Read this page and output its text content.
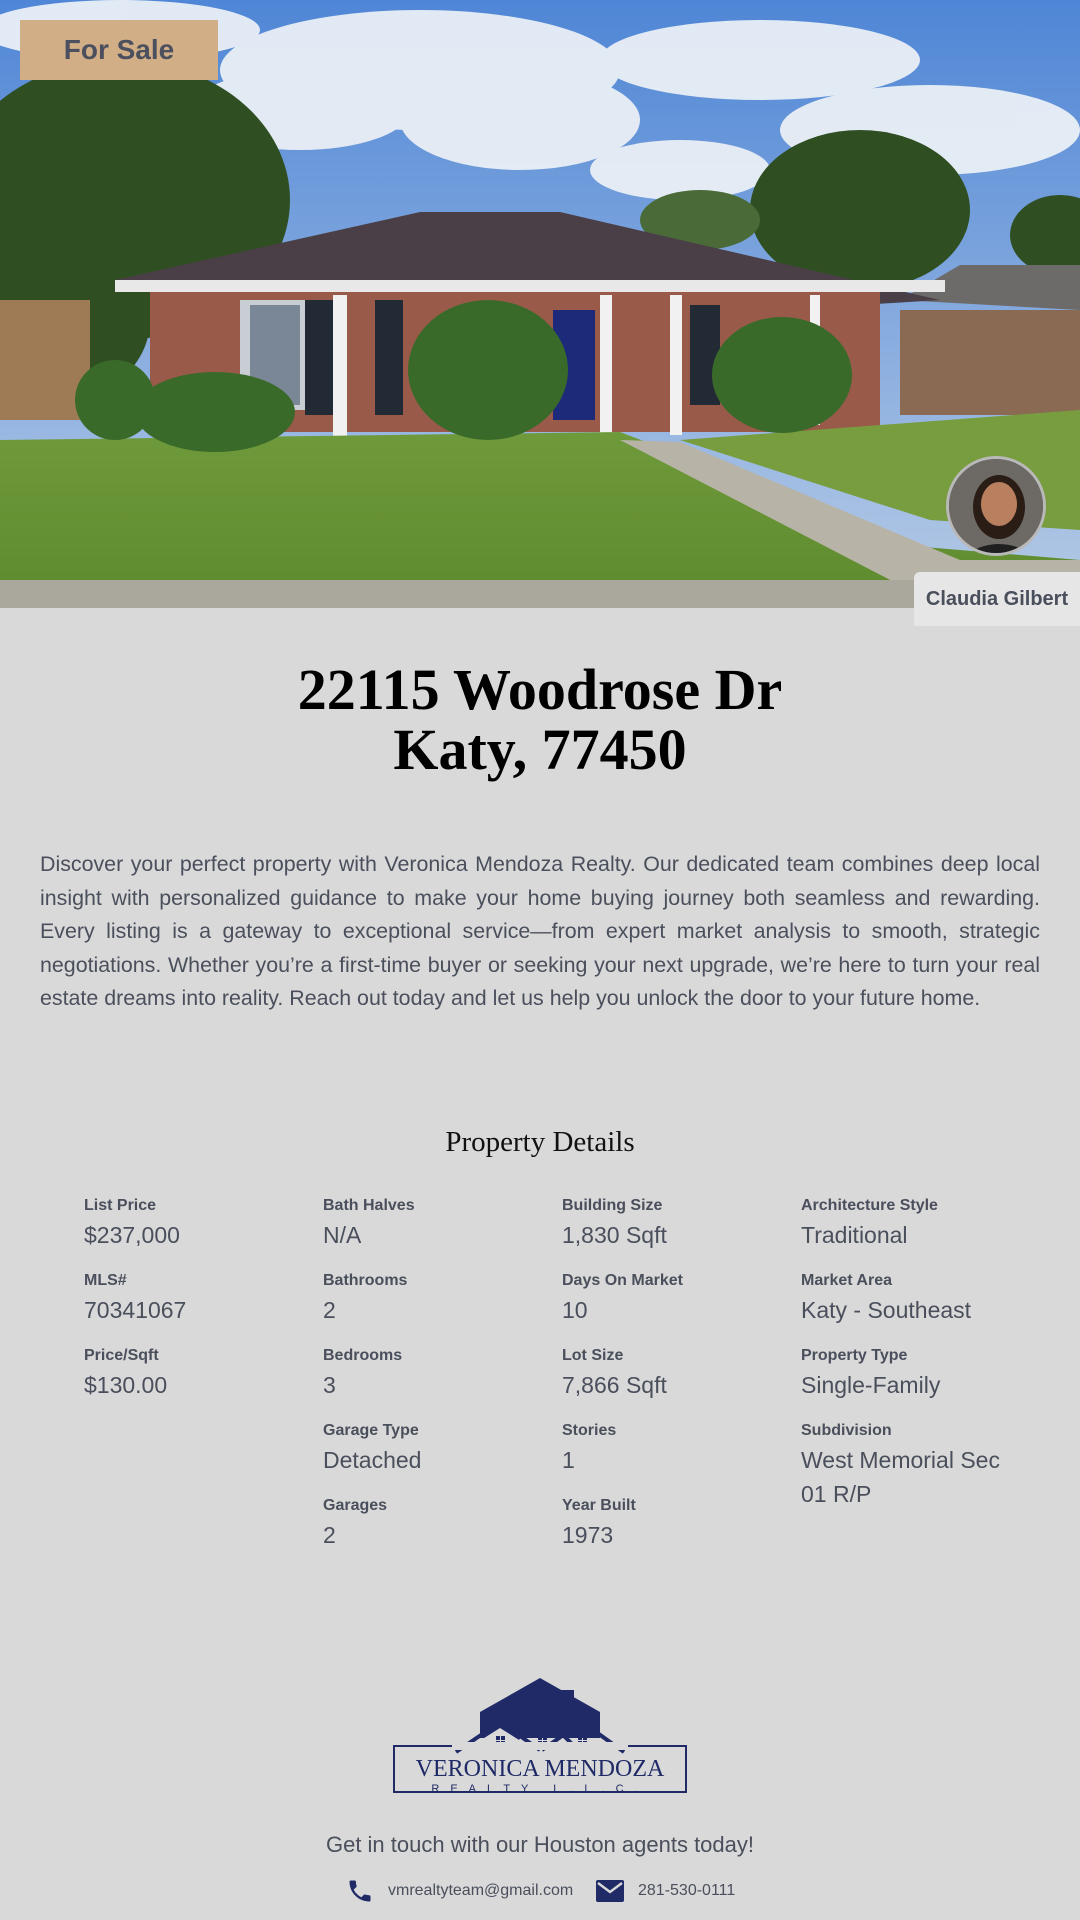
For Sale
Claudia Gilbert
22115 Woodrose Dr
Katy, 77450

Discover your perfect property with Veronica Mendoza Realty. Our dedicated team combines deep local insight with personalized guidance to make your home buying journey both seamless and rewarding. Every listing is a gateway to exceptional service—from expert market analysis to smooth, strategic negotiations. Whether you’re a first-time buyer or seeking your next upgrade, we’re here to turn your real estate dreams into reality. Reach out today and let us help you unlock the door to your future home.

Property Details
List Price
$237,000
MLS#
70341067
Price/Sqft
$130.00
Bath Halves
N/A
Bathrooms
2
Bedrooms
3
Garage Type
Detached
Garages
2
Building Size
1,830 Sqft
Days On Market
10
Lot Size
7,866 Sqft
Stories
1
Year Built
1973
Architecture Style
Traditional
Market Area
Katy - Southeast
Property Type
Single-Family
Subdivision
West Memorial Sec 01 R/P
VERONICA MENDOZA
REALTY L.L.C.
Get in touch with our Houston agents today!
vmrealtyteam@gmail.com	281-530-0111
